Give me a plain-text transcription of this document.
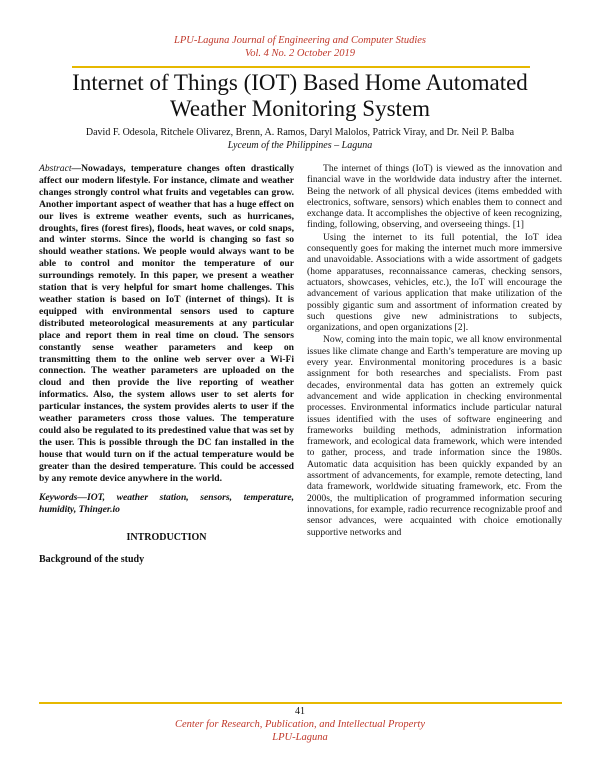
LPU-Laguna Journal of Engineering and Computer Studies
Vol. 4 No. 2 October 2019
Internet of Things (IOT) Based Home Automated
Weather Monitoring System
David F. Odesola, Ritchele Olivarez, Brenn, A. Ramos, Daryl Malolos, Patrick Viray, and Dr. Neil P. Balba
Lyceum of the Philippines – Laguna
Abstract—Nowadays, temperature changes often drastically affect our modern lifestyle. For instance, climate and weather changes strongly control what fruits and vegetables can grow. Another important aspect of weather that has a huge effect on our lives is extreme weather events, such as hurricanes, droughts, fires (forest fires), floods, heat waves, or cold snaps, and winter storms. Since the world is changing so fast so should weather stations. We people would always want to be able to control and monitor the temperature of our surroundings remotely. In this paper, we present a weather station that is very helpful for smart home challenges. This weather station is based on IoT (internet of things). It is equipped with environmental sensors used to capture distributed meteorological measurements at any particular place and report them in real time on cloud. The sensors constantly sense weather parameters and keep on transmitting them to the online web server over a Wi-Fi connection. The weather parameters are uploaded on the cloud and then provide the live reporting of weather informatics. Also, the system allows user to set alerts for particular instances, the system provides alerts to user if the weather parameters cross those values. The temperature could also be regulated to its predestined value that was set by the user. This is possible through the DC fan installed in the house that would turn on if the actual temperature would be greater than the desired temperature. This could be accessed by any remote device anywhere in the world.
Keywords—IOT, weather station, sensors, temperature, humidity, Thinger.io
INTRODUCTION
Background of the study

The internet of things (IoT) is viewed as the innovation and financial wave in the worldwide data industry after the internet. Being the network of all physical devices (items embedded with electronics, software, sensors) which enables them to connect and exchange data. It accomplishes the objective of keen recognizing, finding, following, observing, and overseeing things. [1]

Using the internet to its full potential, the IoT idea consequently goes for making the internet much more immersive and unavoidable. Associations with a wide assortment of gadgets (home apparatuses, reconnaissance cameras, checking sensors, actuators, showcases, vehicles, etc.), the IoT will encourage the advancement of various application that make utilization of the possibly gigantic sum and assortment of information created by such questions give new administrations to subjects, organizations, and open organizations [2].

Now, coming into the main topic, we all know environmental issues like climate change and Earth’s temperature are moving up every year. Environmental monitoring procedures is a basic assignment for both researches and specialists. From past decades, environmental data has gotten an extremely quick advancement and wide application in checking environmental processes. Environmental informatics include particular natural issues identified with the uses of software engineering and frameworks building methods, administration information framework, and ecological data framework, which were intended to gather, process, and trade information since the 1980s. Automatic data acquisition has been quickly expanded by an assortment of advancements, for example, remote detecting, land data framework, worldwide situating framework, etc. From the 2000s, the multiplication of programmed information securing innovations, for example, radio recurrence recognizable proof and sensor advances, were acquainted with choice emotionally supportive networks and

41
Center for Research, Publication, and Intellectual Property
LPU-Laguna
